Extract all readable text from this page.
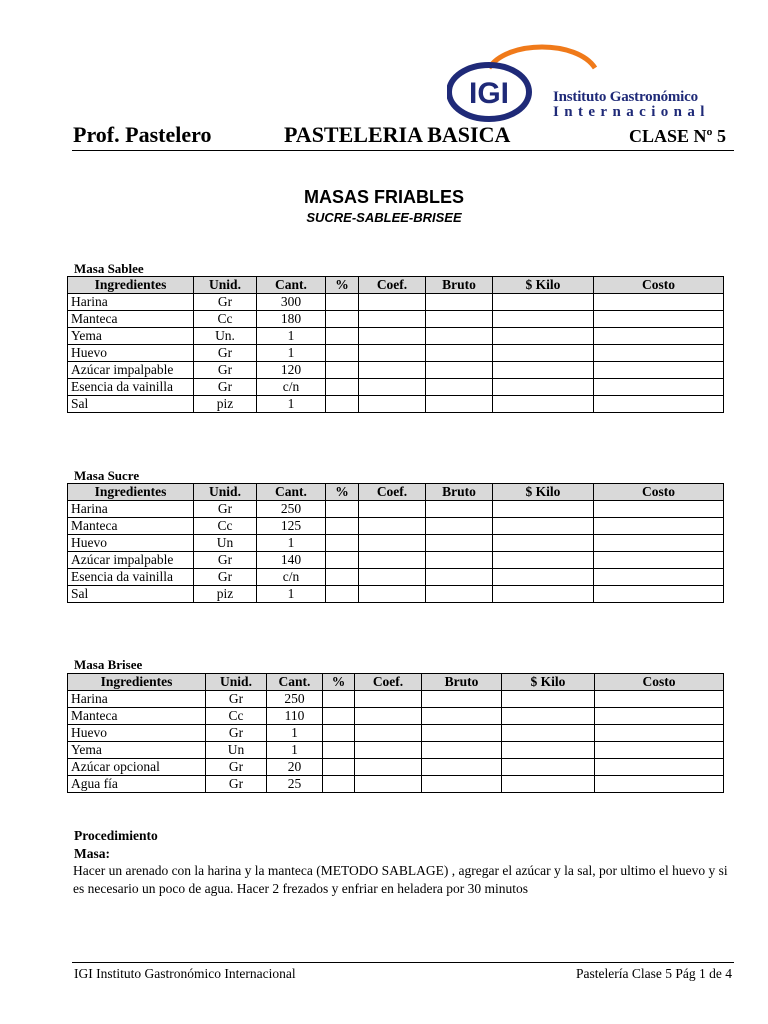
IGI	Instituto Gastronómico
Internacional
Prof. Pastelero	PASTELERIA BASICA	CLASE Nº 5
MASAS FRIABLES
SUCRE-SABLEE-BRISEE
Masa Sablee
Ingredientes	Unid.	Cant.	%	Coef.	Bruto	$ Kilo	Costo
Harina	Gr	300					
Manteca	Cc	180					
Yema	Un.	1					
Huevo	Gr	1					
Azúcar impalpable	Gr	120					
Esencia da vainilla	Gr	c/n					
Sal	piz	1					
Masa Sucre
Ingredientes	Unid.	Cant.	%	Coef.	Bruto	$ Kilo	Costo
Harina	Gr	250					
Manteca	Cc	125					
Huevo	Un	1					
Azúcar impalpable	Gr	140					
Esencia da vainilla	Gr	c/n					
Sal	piz	1					
Masa Brisee
Ingredientes	Unid.	Cant.	%	Coef.	Bruto	$ Kilo	Costo
Harina	Gr	250					
Manteca	Cc	110					
Huevo	Gr	1					
Yema	Un	1					
Azúcar opcional	Gr	20					
Agua fía	Gr	25					
Procedimiento
Masa:
Hacer un arenado con la harina y la manteca (METODO SABLAGE) , agregar el azúcar y la sal, por ultimo el huevo y si es necesario un poco de agua. Hacer 2 frezados y enfriar en heladera por 30 minutos
IGI Instituto Gastronómico Internacional	Pastelería Clase 5 Pág 1 de 4
